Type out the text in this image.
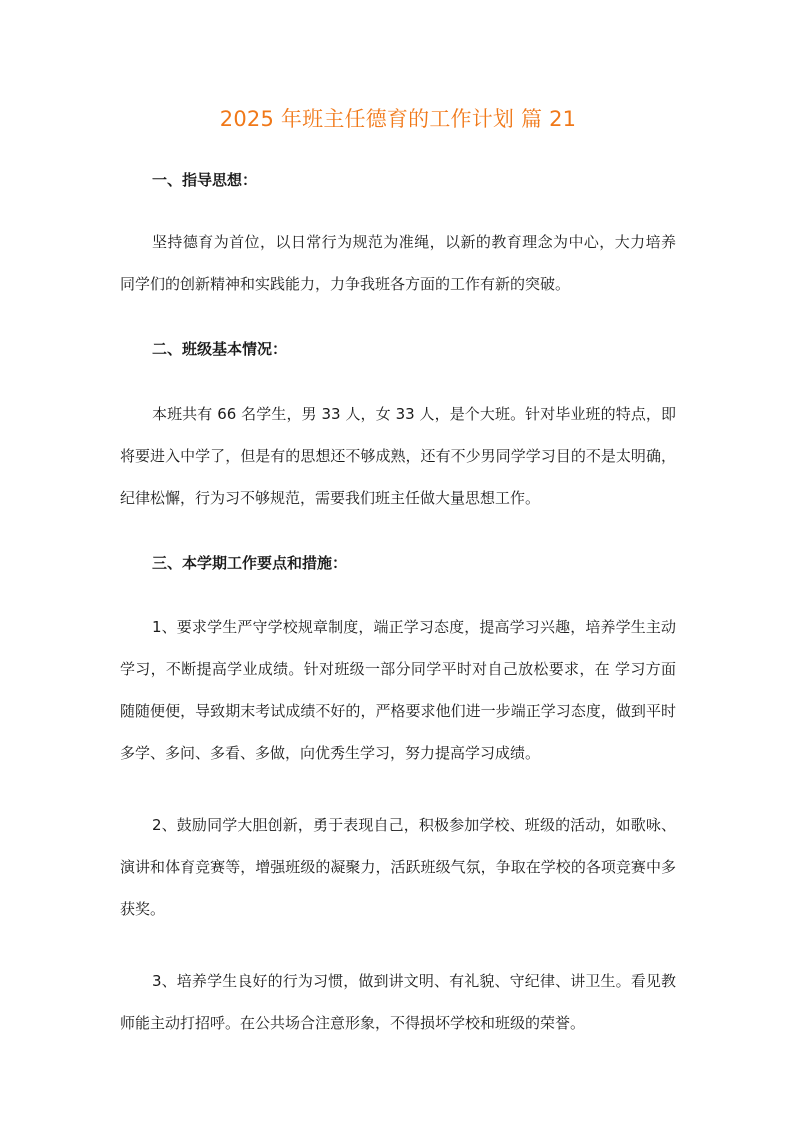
2025 年班主任德育的工作计划 篇 21

一、指导思想：

坚持德育为首位，以日常行为规范为准绳，以新的教育理念为中心，大力培养同学们的创新精神和实践能力，力争我班各方面的工作有新的突破。

二、班级基本情况：

本班共有 66 名学生，男 33 人，女 33 人，是个大班。针对毕业班的特点，即将要进入中学了，但是有的思想还不够成熟，还有不少男同学学习目的不是太明确，纪律松懈，行为习不够规范，需要我们班主任做大量思想工作。

三、本学期工作要点和措施：

1、要求学生严守学校规章制度，端正学习态度，提高学习兴趣，培养学生主动学习，不断提高学业成绩。针对班级一部分同学平时对自己放松要求，在 学习方面随随便便，导致期末考试成绩不好的，严格要求他们进一步端正学习态度，做到平时多学、多问、多看、多做，向优秀生学习，努力提高学习成绩。

2、鼓励同学大胆创新，勇于表现自己，积极参加学校、班级的活动，如歌咏、演讲和体育竞赛等，增强班级的凝聚力，活跃班级气氛，争取在学校的各项竞赛中多获奖。

3、培养学生良好的行为习惯，做到讲文明、有礼貌、守纪律、讲卫生。看见教师能主动打招呼。在公共场合注意形象，不得损坏学校和班级的荣誉。
